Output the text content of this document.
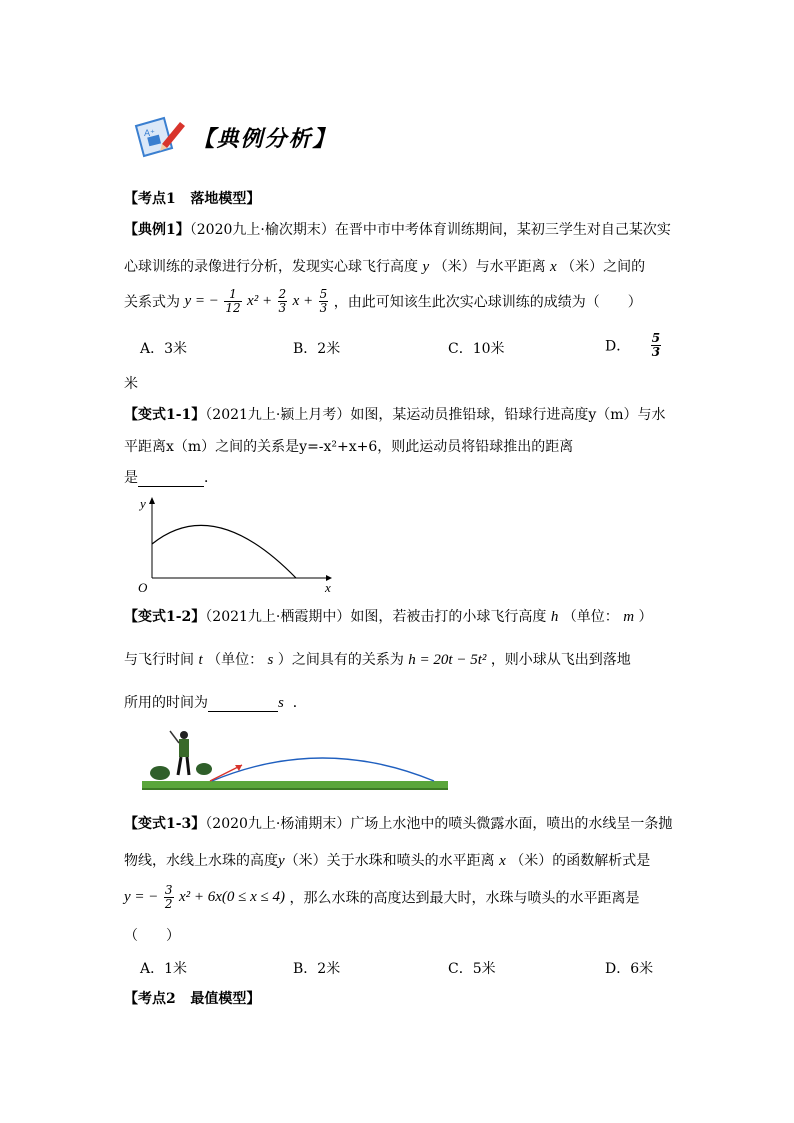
A⁺ 【典例分析】
【考点1 落地模型】
【典例1】（2020九上·榆次期末）在晋中市中考体育训练期间，某初三学生对自己某次实
心球训练的录像进行分析，发现实心球飞行高度 y （米）与水平距离 x （米）之间的
关系式为 y = − $\frac{1}{12} x^2 + \frac{2}{3}$ $x + \frac{5}{3}$ ，由此可知该生此次实心球训练的成绩为（　　）
A．3米	B．2米	C．10米	D． $\frac{5}{3}$
米
【变式1-1】（2021九上·颍上月考）如图，某运动员推铅球，铅球行进高度y（m）与水
平距离x（m）之间的关系是y=-x²+x+6，则此运动员将铅球推出的距离
是	．
y
x
O
【变式1-2】（2021九上·栖霞期中）如图，若被击打的小球飞行高度 h （单位： m ）
与飞行时间 t （单位： s ）之间具有的关系为 h = 20t − 5t² ，则小球从飞出到落地
所用的时间为	s ．
【变式1-3】（2020九上·杨浦期末）广场上水池中的喷头微露水面，喷出的水线呈一条抛
物线，水线上水珠的高度y（米）关于水珠和喷头的水平距离 x （米）的函数解析式是
y = − $\frac{3}{2} x^2 + 6x(0 \le x \le 4)$ ，那么水珠的高度达到最大时，水珠与喷头的水平距离是
（　　）
A．1米	B．2米	C．5米	D．6米
【考点2 最值模型】
